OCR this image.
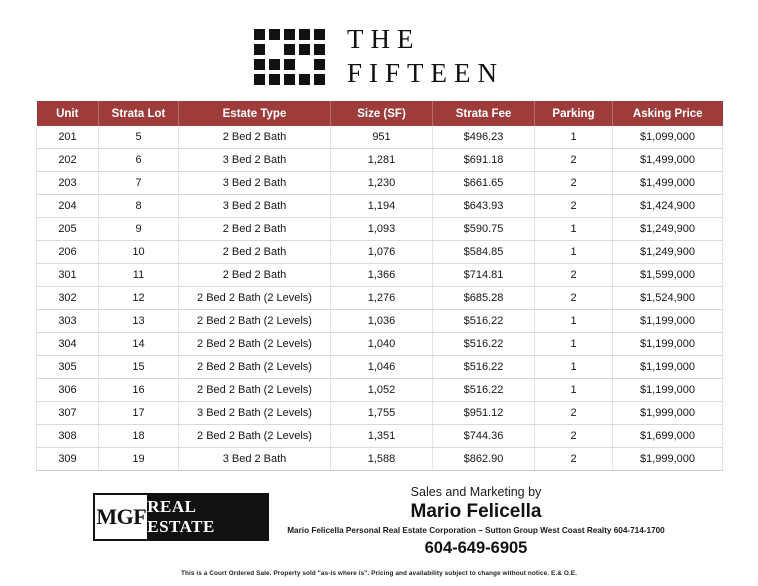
THE
FIFTEEN
Unit	Strata Lot	Estate Type	Size (SF)	Strata Fee	Parking	Asking Price
201	5	2 Bed 2 Bath	951	$496.23	1	$1,099,000
202	6	3 Bed 2 Bath	1,281	$691.18	2	$1,499,000
203	7	3 Bed 2 Bath	1,230	$661.65	2	$1,499,000
204	8	3 Bed 2 Bath	1,194	$643.93	2	$1,424,900
205	9	2 Bed 2 Bath	1,093	$590.75	1	$1,249,900
206	10	2 Bed 2 Bath	1,076	$584.85	1	$1,249,900
301	11	2 Bed 2 Bath	1,366	$714.81	2	$1,599,000
302	12	2 Bed 2 Bath (2 Levels)	1,276	$685.28	2	$1,524,900
303	13	2 Bed 2 Bath (2 Levels)	1,036	$516.22	1	$1,199,000
304	14	2 Bed 2 Bath (2 Levels)	1,040	$516.22	1	$1,199,000
305	15	2 Bed 2 Bath (2 Levels)	1,046	$516.22	1	$1,199,000
306	16	2 Bed 2 Bath (2 Levels)	1,052	$516.22	1	$1,199,000
307	17	3 Bed 2 Bath (2 Levels)	1,755	$951.12	2	$1,999,000
308	18	2 Bed 2 Bath (2 Levels)	1,351	$744.36	2	$1,699,000
309	19	3 Bed 2 Bath	1,588	$862.90	2	$1,999,000
MGF REAL ESTATE
Sales and Marketing by
Mario Felicella
Mario Felicella Personal Real Estate Corporation – Sutton Group West Coast Realty 604-714-1700
604-649-6905
This is a Court Ordered Sale. Property sold "as-is where is". Pricing and availability subject to change without notice. E.& O.E.
